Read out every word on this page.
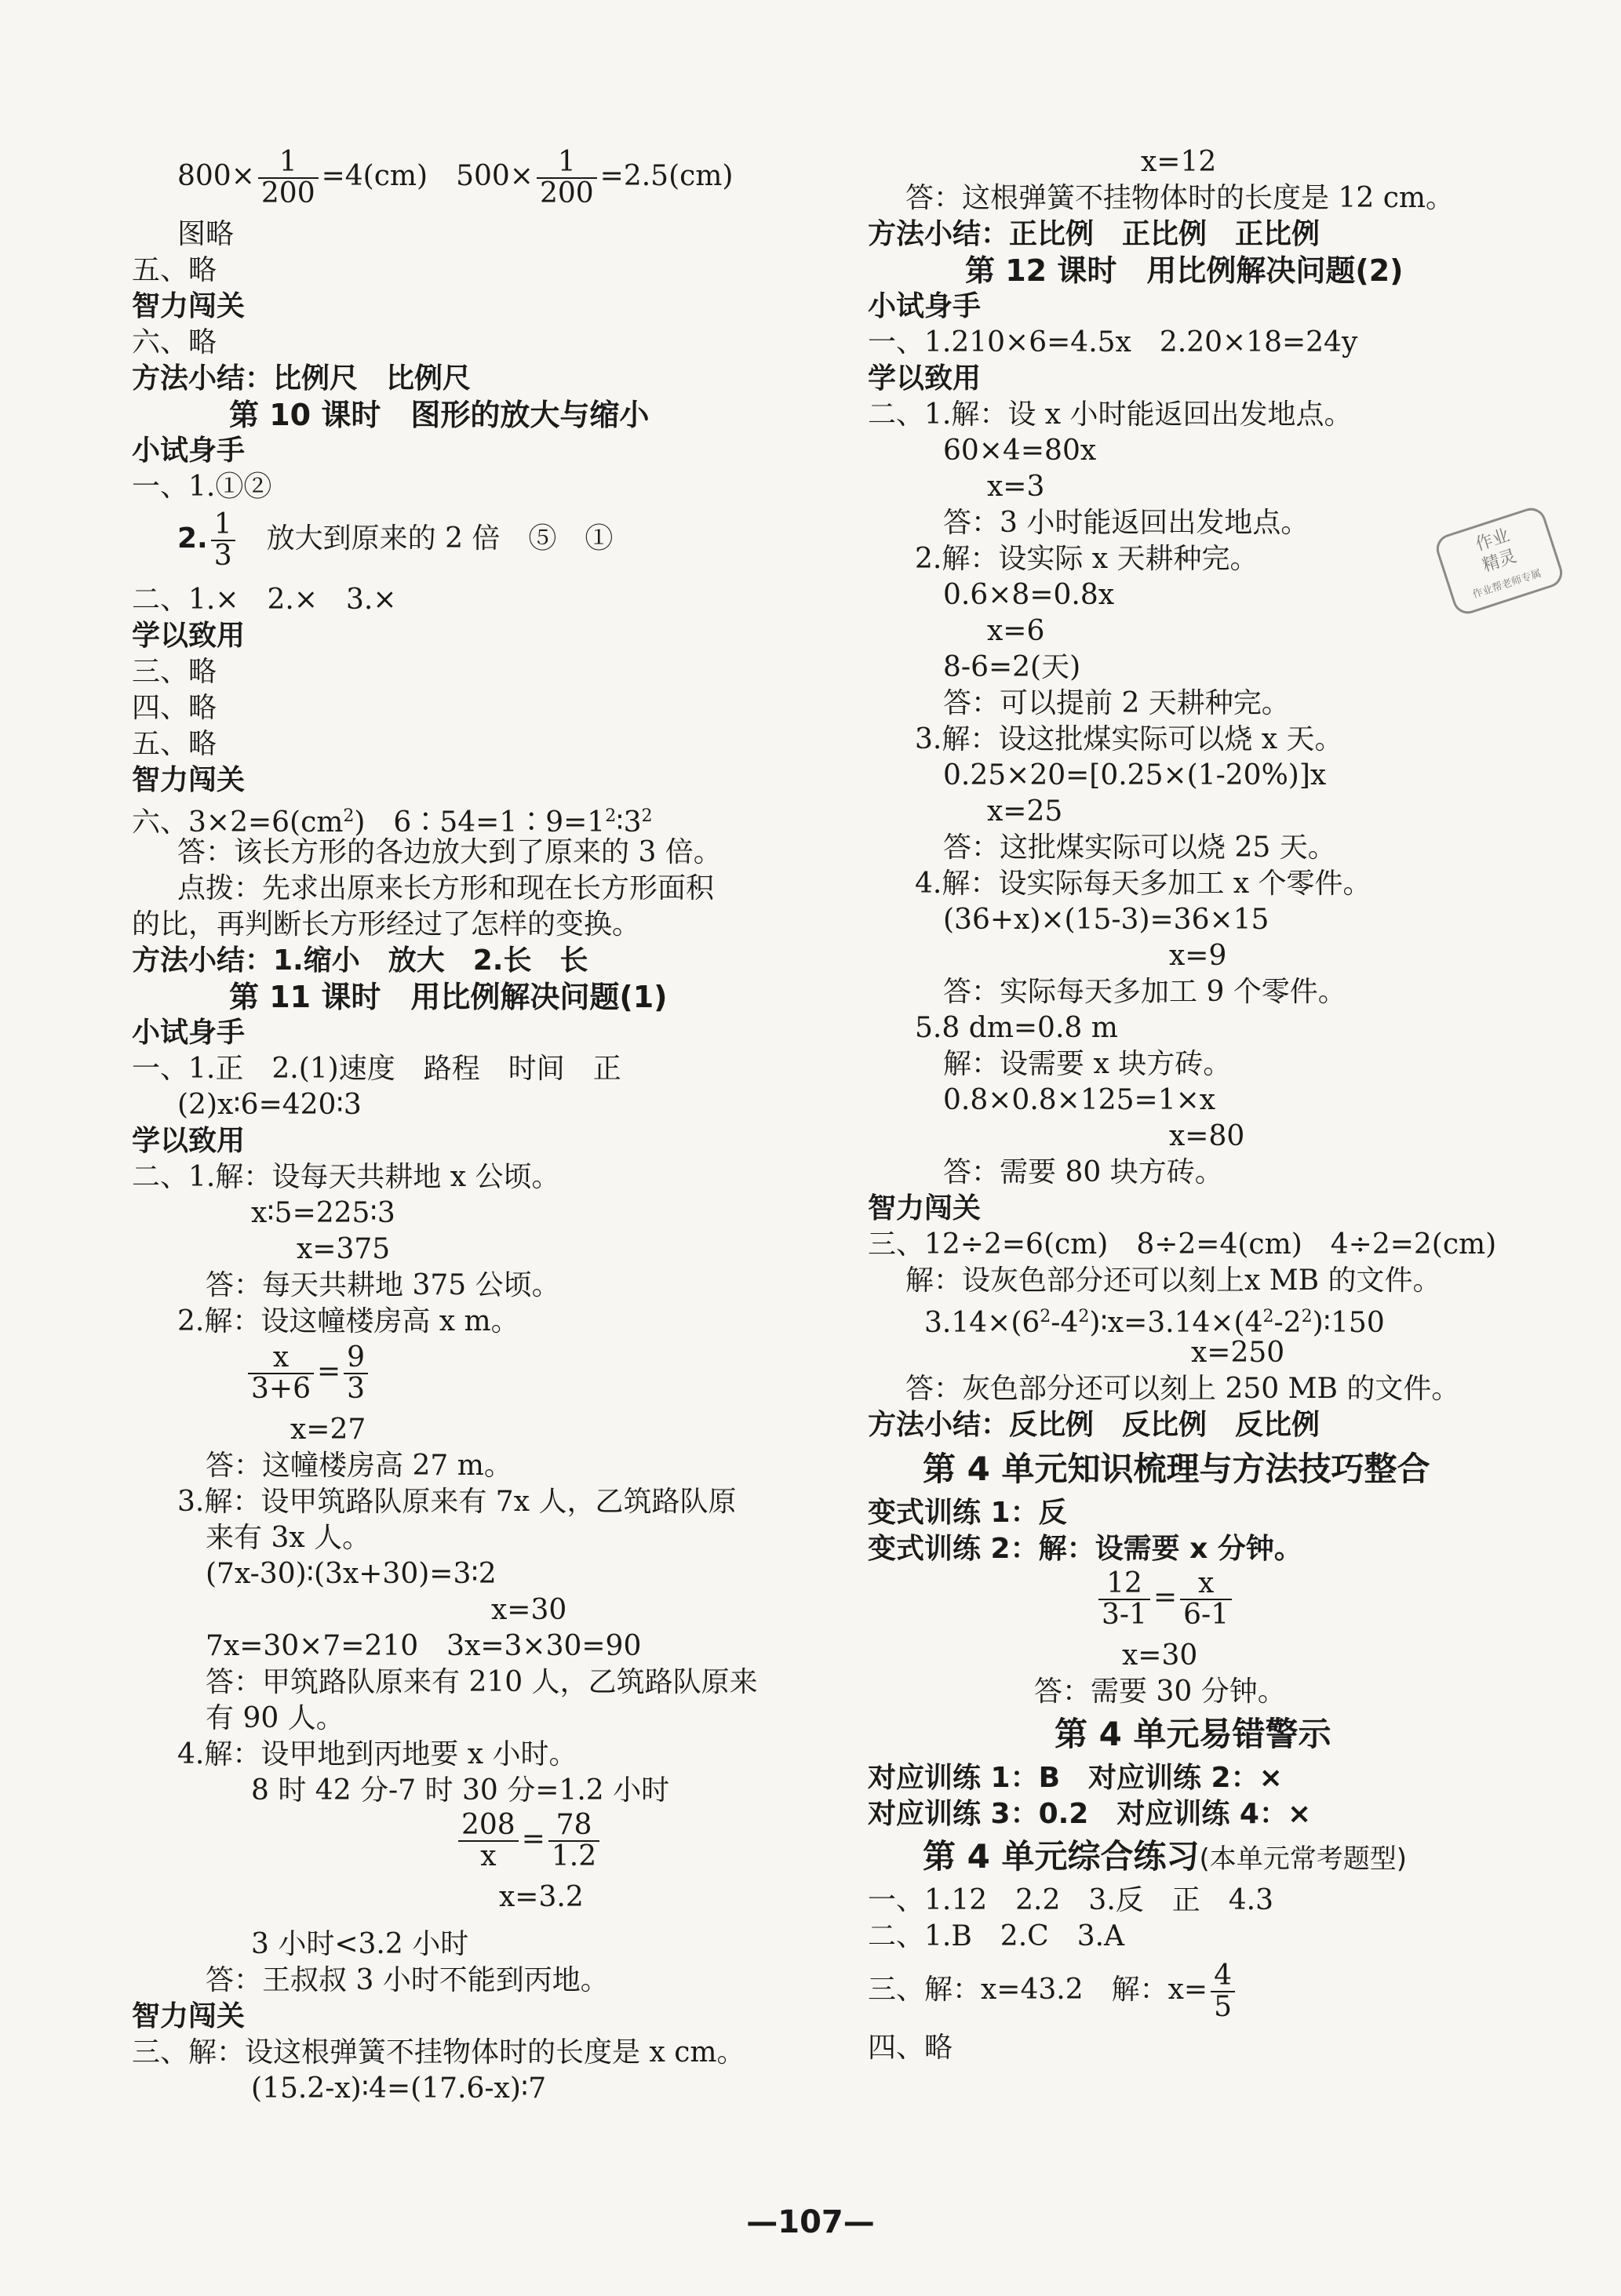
$800\times \frac{1}{200} =4(cm)$　$500\times \frac{1}{200} =2.5(cm)$
图略
五、略
智力闯关
六、略
方法小结：比例尺　比例尺
第 10 课时　图形的放大与缩小
小试身手
一、1.①②
2. $\frac{1}{3}$ 　放大到原来的 2 倍　⑤　①
二、1.×　2.×　3.×
学以致用
三、略
四、略
五、略
智力闯关
六、$3\times 2=6(cm^2)$　$6∶54=1∶9=1^2∶3^2$
答：该长方形的各边放大到了原来的 3 倍。
点拨：先求出原来长方形和现在长方形面积
的比，再判断长方形经过了怎样的变换。
方法小结：1.缩小　放大　2.长　长
第 11 课时　用比例解决问题(1)
小试身手
一、1.正　2.(1)速度　路程　时间　正
(2)x∶6=420∶3
学以致用
二、1.解：设每天共耕地 x 公顷。
x∶5=225∶3
x=375
答：每天共耕地 375 公顷。
2.解：设这幢楼房高 x m。
$\frac{x}{3+6} = \frac{9}{3}$
x=27
答：这幢楼房高 27 m。
3.解：设甲筑路队原来有 7x 人，乙筑路队原
来有 3x 人。
(7x-30)∶(3x+30)=3∶2
x=30
7x=30×7=210　3x=3×30=90
答：甲筑路队原来有 210 人，乙筑路队原来
有 90 人。
4.解：设甲地到丙地要 x 小时。
8 时 42 分-7 时 30 分=1.2 小时
$\frac{208}{x} = \frac{78}{1.2}$
x=3.2
3 小时<3.2 小时
答：王叔叔 3 小时不能到丙地。
智力闯关
三、解：设这根弹簧不挂物体时的长度是 x cm。
(15.2-x)∶4=(17.6-x)∶7
x=12
答：这根弹簧不挂物体时的长度是 12 cm。
方法小结：正比例　正比例　正比例
第 12 课时　用比例解决问题(2)
小试身手
一、1.210×6=4.5x　2.20×18=24y
学以致用
二、1.解：设 x 小时能返回出发地点。
60×4=80x
x=3
答：3 小时能返回出发地点。
2.解：设实际 x 天耕种完。
0.6×8=0.8x
x=6
8-6=2(天)
答：可以提前 2 天耕种完。
3.解：设这批煤实际可以烧 x 天。
0.25×20=[0.25×(1-20%)]x
x=25
答：这批煤实际可以烧 25 天。
4.解：设实际每天多加工 x 个零件。
(36+x)×(15-3)=36×15
x=9
答：实际每天多加工 9 个零件。
5.8 dm=0.8 m
解：设需要 x 块方砖。
0.8×0.8×125=1×x
x=80
答：需要 80 块方砖。
智力闯关
三、12÷2=6(cm)　8÷2=4(cm)　4÷2=2(cm)
解：设灰色部分还可以刻上x MB 的文件。
$3.14\times(6^2-4^2)∶x=3.14\times(4^2-2^2)∶150$
x=250
答：灰色部分还可以刻上 250 MB 的文件。
方法小结：反比例　反比例　反比例
第 4 单元知识梳理与方法技巧整合
变式训练 1：反
变式训练 2：解：设需要 x 分钟。
$\frac{12}{3-1} = \frac{x}{6-1}$
x=30
答：需要 30 分钟。
第 4 单元易错警示
对应训练 1：B　对应训练 2：×
对应训练 3：0.2　对应训练 4：×
第 4 单元综合练习(本单元常考题型)
一、1.12　2.2　3.反　正　4.3
二、1.B　2.C　3.A
三、解：x=43.2　解：$x= \frac{4}{5}$
四、略
作业
精灵
作业帮老师专属
—107—
